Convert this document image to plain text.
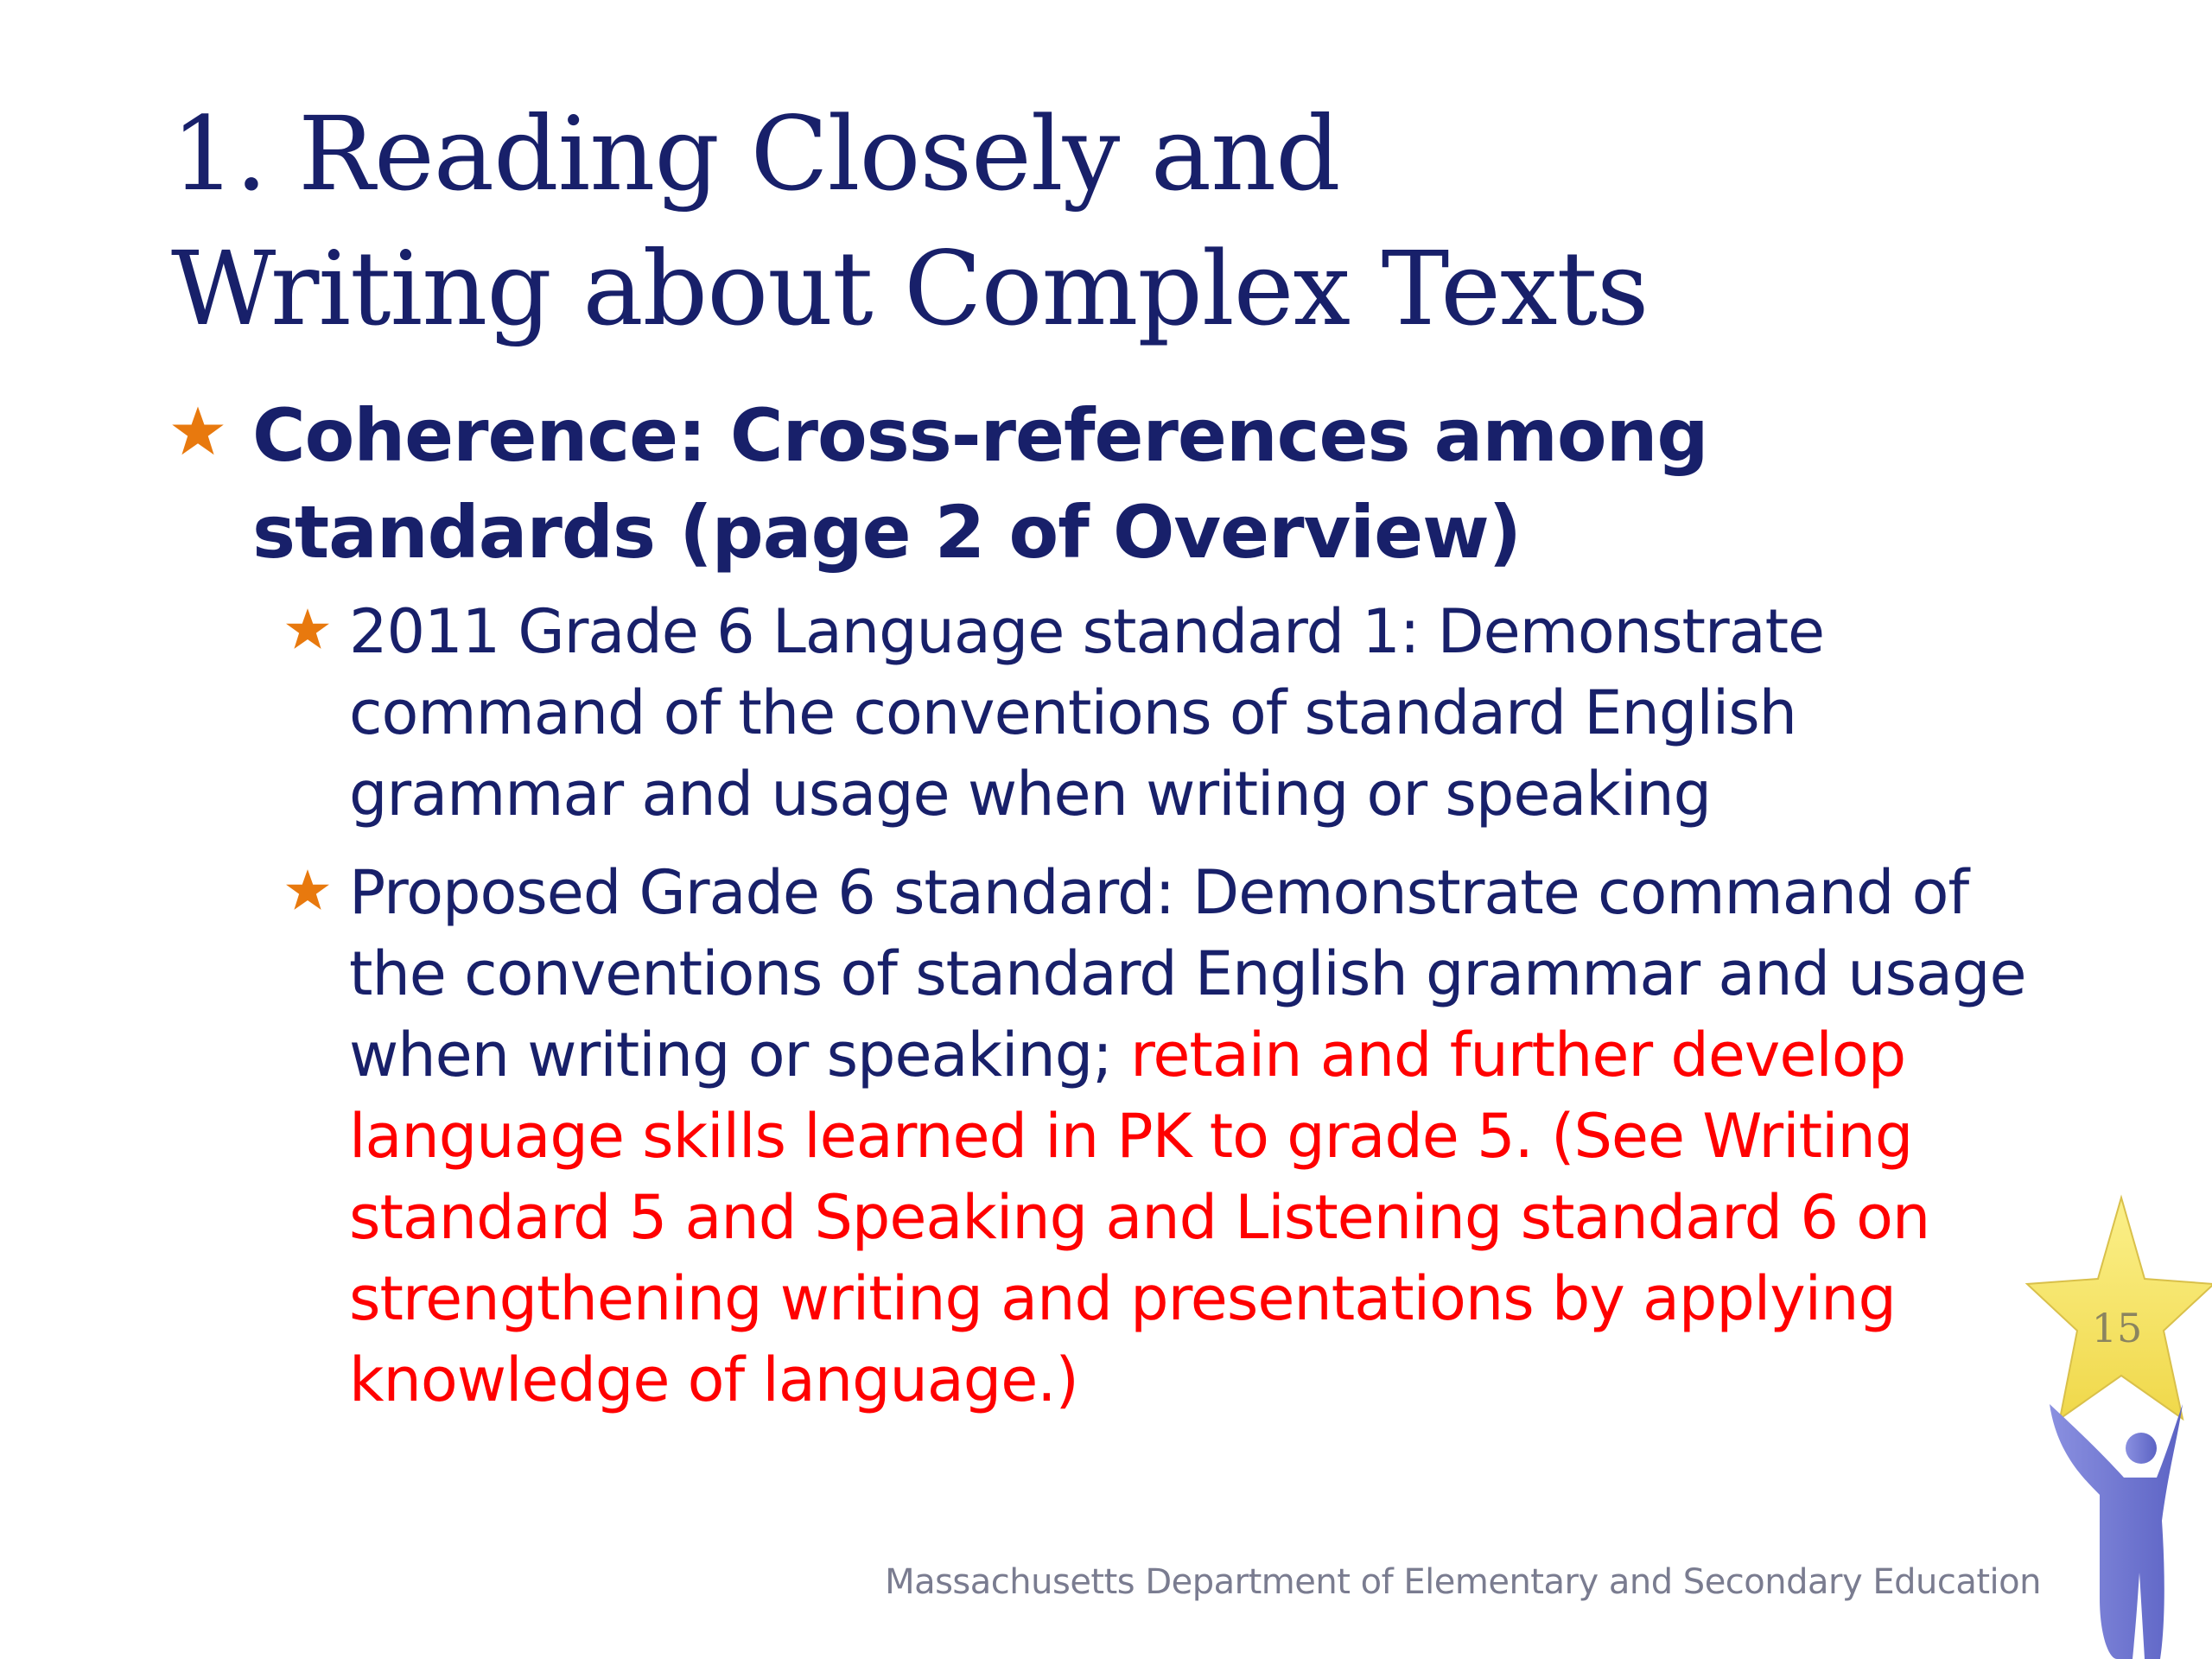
1. Reading Closely and
Writing about Complex Texts
Coherence: Cross-references among
standards (page 2 of Overview)
2011 Grade 6 Language standard 1: Demonstrate
command of the conventions of standard English
grammar and usage when writing or speaking
Proposed Grade 6 standard: Demonstrate command of
the conventions of standard English grammar and usage
when writing or speaking; retain and further develop
language skills learned in PK to grade 5. (See Writing
standard 5 and Speaking and Listening standard 6 on
strengthening writing and presentations by applying
knowledge of language.)
15
Massachusetts Department of Elementary and Secondary Education
